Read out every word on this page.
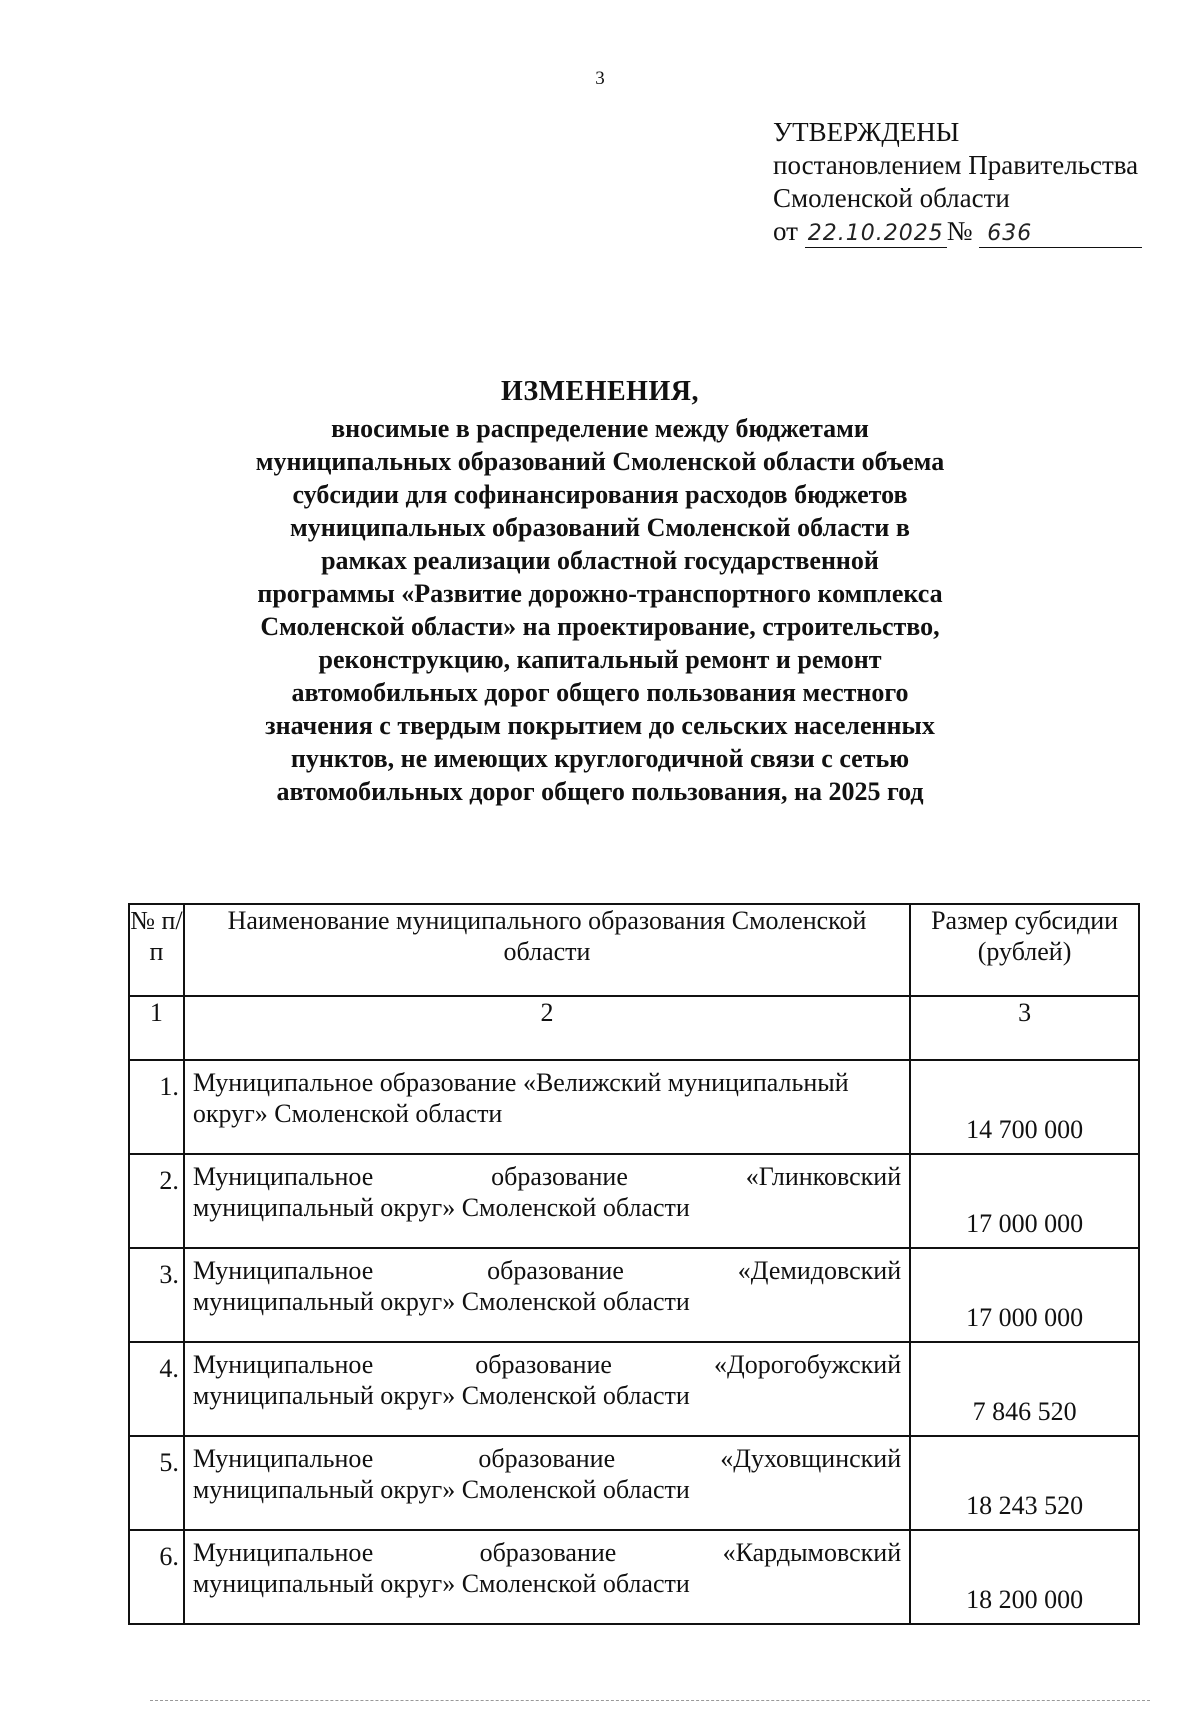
3
УТВЕРЖДЕНЫ
постановлением Правительства
Смоленской области
от 22.10.2025 № 636
ИЗМЕНЕНИЯ,
вносимые в распределение между бюджетами муниципальных образований Смоленской области объема субсидии для софинансирования расходов бюджетов муниципальных образований Смоленской области в рамках реализации областной государственной программы «Развитие дорожно-транспортного комплекса Смоленской области» на проектирование, строительство, реконструкцию, капитальный ремонт и ремонт автомобильных дорог общего пользования местного значения с твердым покрытием до сельских населенных пунктов, не имеющих круглогодичной связи с сетью автомобильных дорог общего пользования, на 2025 год
№ п/п	Наименование муниципального образования Смоленской области	Размер субсидии (рублей)
1	2	3
1.	Муниципальное образование «Велижский муниципальный
округ» Смоленской области	14 700 000
2.	Муниципальное образование «Глинковский
муниципальный округ» Смоленской области	17 000 000
3.	Муниципальное образование «Демидовский
муниципальный округ» Смоленской области	17 000 000
4.	Муниципальное образование «Дорогобужский
муниципальный округ» Смоленской области	7 846 520
5.	Муниципальное образование «Духовщинский
муниципальный округ» Смоленской области	18 243 520
6.	Муниципальное образование «Кардымовский
муниципальный округ» Смоленской области	18 200 000
